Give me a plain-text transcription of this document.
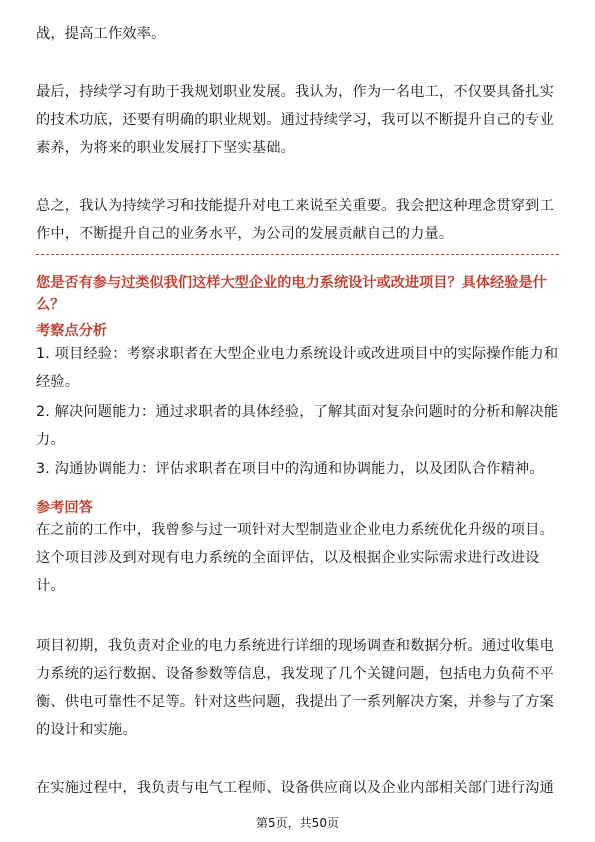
战，提高工作效率。

最后，持续学习有助于我规划职业发展。我认为，作为一名电工，不仅要具备扎实的技术功底，还要有明确的职业规划。通过持续学习，我可以不断提升自己的专业素养，为将来的职业发展打下坚实基础。

总之，我认为持续学习和技能提升对电工来说至关重要。我会把这种理念贯穿到工作中，不断提升自己的业务水平，为公司的发展贡献自己的力量。

您是否有参与过类似我们这样大型企业的电力系统设计或改进项目？具体经验是什么？

考察点分析

1. 项目经验：考察求职者在大型企业电力系统设计或改进项目中的实际操作能力和经验。

2. 解决问题能力：通过求职者的具体经验，了解其面对复杂问题时的分析和解决能力。

3. 沟通协调能力：评估求职者在项目中的沟通和协调能力，以及团队合作精神。

参考回答

在之前的工作中，我曾参与过一项针对大型制造业企业电力系统优化升级的项目。这个项目涉及到对现有电力系统的全面评估，以及根据企业实际需求进行改进设计。

项目初期，我负责对企业的电力系统进行详细的现场调查和数据分析。通过收集电力系统的运行数据、设备参数等信息，我发现了几个关键问题，包括电力负荷不平衡、供电可靠性不足等。针对这些问题，我提出了一系列解决方案，并参与了方案的设计和实施。

在实施过程中，我负责与电气工程师、设备供应商以及企业内部相关部门进行沟通

第5页，共50页
